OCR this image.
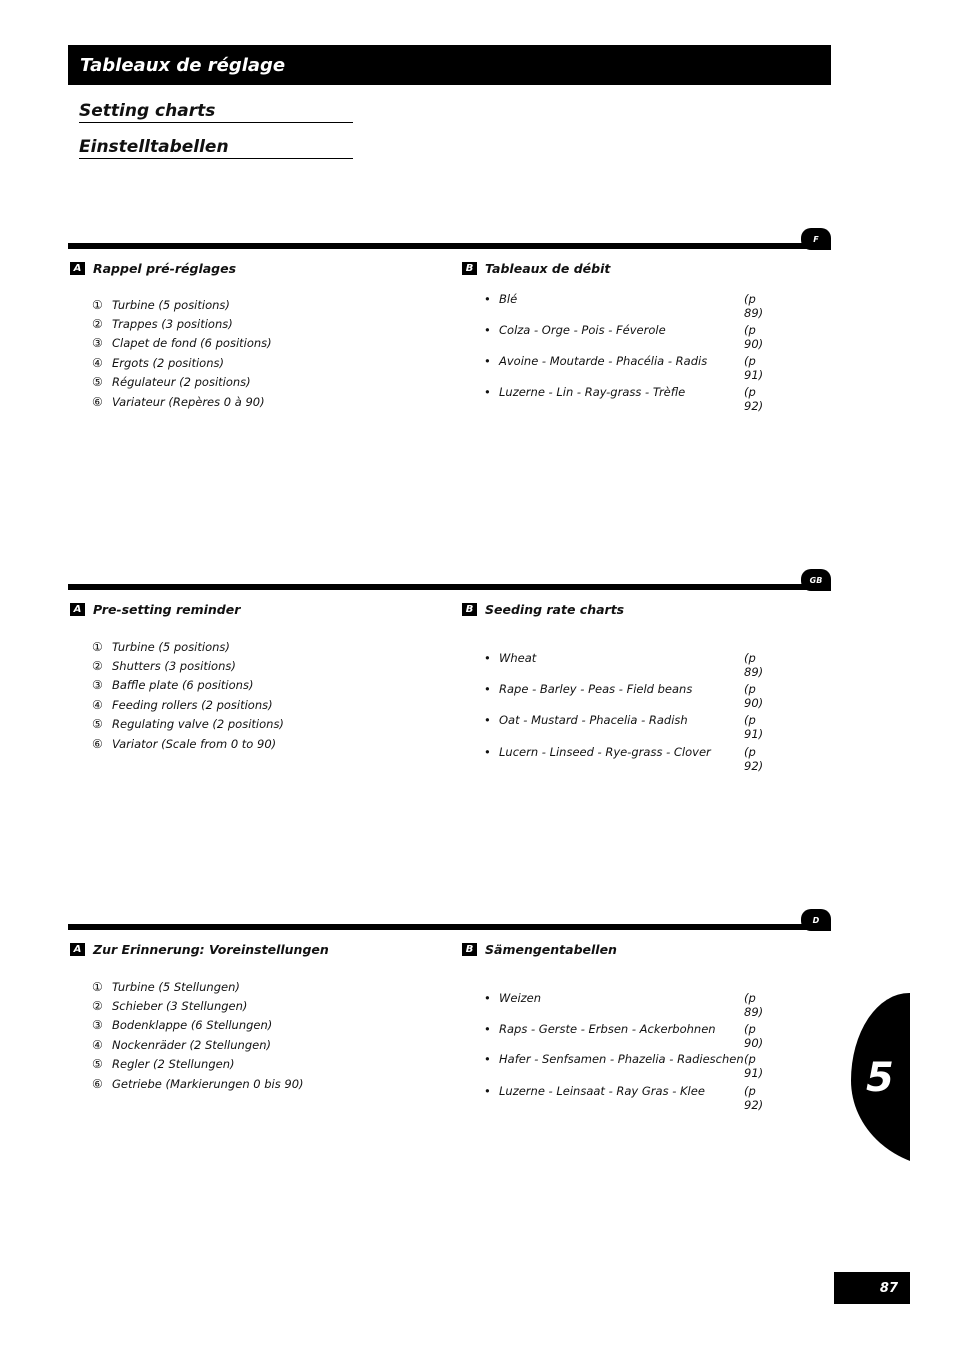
Tableaux de réglage
Setting charts
Einstelltabellen
F
A Rappel pré-réglages
① Turbine (5 positions)
② Trappes (3 positions)
③ Clapet de fond (6 positions)
④ Ergots (2 positions)
⑤ Régulateur (2 positions)
⑥ Variateur (Repères 0 à 90)
B Tableaux de débit
• Blé	(p 89)
• Colza - Orge - Pois - Féverole	(p 90)
• Avoine - Moutarde - Phacélia - Radis	(p 91)
• Luzerne - Lin - Ray-grass - Trèfle	(p 92)
GB
A Pre-setting reminder
① Turbine (5 positions)
② Shutters (3 positions)
③ Baffle plate (6 positions)
④ Feeding rollers (2 positions)
⑤ Regulating valve (2 positions)
⑥ Variator (Scale from 0 to 90)
B Seeding rate charts
• Wheat	(p 89)
• Rape - Barley - Peas - Field beans	(p 90)
• Oat - Mustard - Phacelia - Radish	(p 91)
• Lucern - Linseed - Rye-grass - Clover	(p 92)
D
A Zur Erinnerung: Voreinstellungen
① Turbine (5 Stellungen)
② Schieber (3 Stellungen)
③ Bodenklappe (6 Stellungen)
④ Nockenräder (2 Stellungen)
⑤ Regler (2 Stellungen)
⑥ Getriebe (Markierungen 0 bis 90)
B Sämengentabellen
• Weizen	(p 89)
• Raps - Gerste - Erbsen - Ackerbohnen (p 90)
• Hafer - Senfsamen - Phazelia - Radieschen (p 91)
• Luzerne - Leinsaat - Ray Gras - Klee	(p 92)
5
87
